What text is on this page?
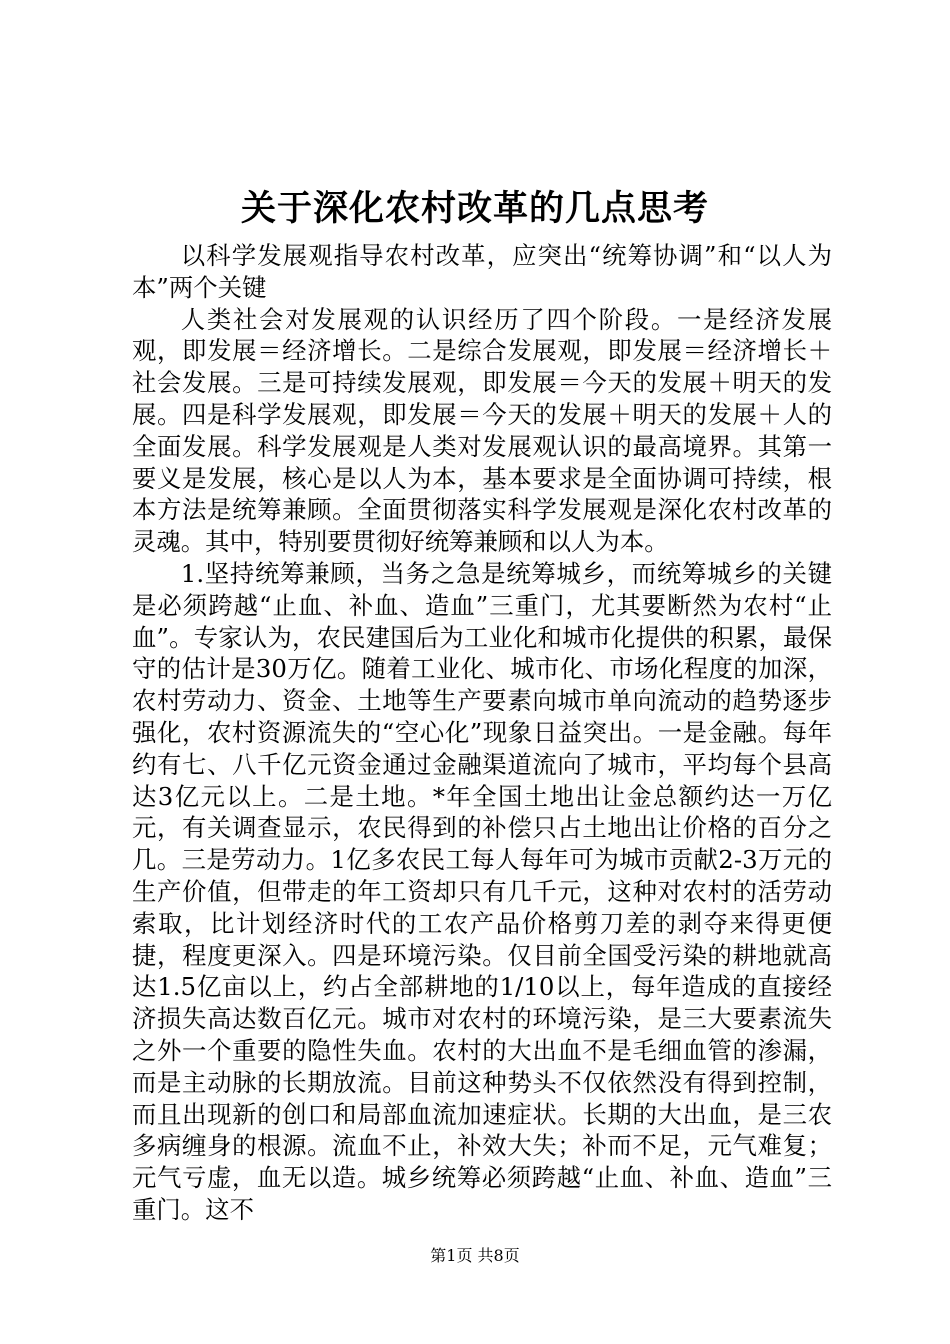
关于深化农村改革的几点思考

以科学发展观指导农村改革，应突出“统筹协调”和“以人为本”两个关键

人类社会对发展观的认识经历了四个阶段。一是经济发展观，即发展＝经济增长。二是综合发展观，即发展＝经济增长＋社会发展。三是可持续发展观，即发展＝今天的发展＋明天的发展。四是科学发展观，即发展＝今天的发展＋明天的发展＋人的全面发展。科学发展观是人类对发展观认识的最高境界。其第一要义是发展，核心是以人为本，基本要求是全面协调可持续，根本方法是统筹兼顾。全面贯彻落实科学发展观是深化农村改革的灵魂。其中，特别要贯彻好统筹兼顾和以人为本。

1.坚持统筹兼顾，当务之急是统筹城乡，而统筹城乡的关键是必须跨越“止血、补血、造血”三重门，尤其要断然为农村“止血”。专家认为，农民建国后为工业化和城市化提供的积累，最保守的估计是30万亿。随着工业化、城市化、市场化程度的加深，农村劳动力、资金、土地等生产要素向城市单向流动的趋势逐步强化，农村资源流失的“空心化”现象日益突出。一是金融。每年约有七、八千亿元资金通过金融渠道流向了城市，平均每个县高达3亿元以上。二是土地。*年全国土地出让金总额约达一万亿元，有关调查显示，农民得到的补偿只占土地出让价格的百分之几。三是劳动力。1亿多农民工每人每年可为城市贡献2-3万元的生产价值，但带走的年工资却只有几千元，这种对农村的活劳动索取，比计划经济时代的工农产品价格剪刀差的剥夺来得更便捷，程度更深入。四是环境污染。仅目前全国受污染的耕地就高达1.5亿亩以上，约占全部耕地的1/10以上，每年造成的直接经济损失高达数百亿元。城市对农村的环境污染，是三大要素流失之外一个重要的隐性失血。农村的大出血不是毛细血管的渗漏，而是主动脉的长期放流。目前这种势头不仅依然没有得到控制，而且出现新的创口和局部血流加速症状。长期的大出血，是三农多病缠身的根源。流血不止，补效大失；补而不足，元气难复；元气亏虚，血无以造。城乡统筹必须跨越“止血、补血、造血”三重门。这不

第1页 共8页
